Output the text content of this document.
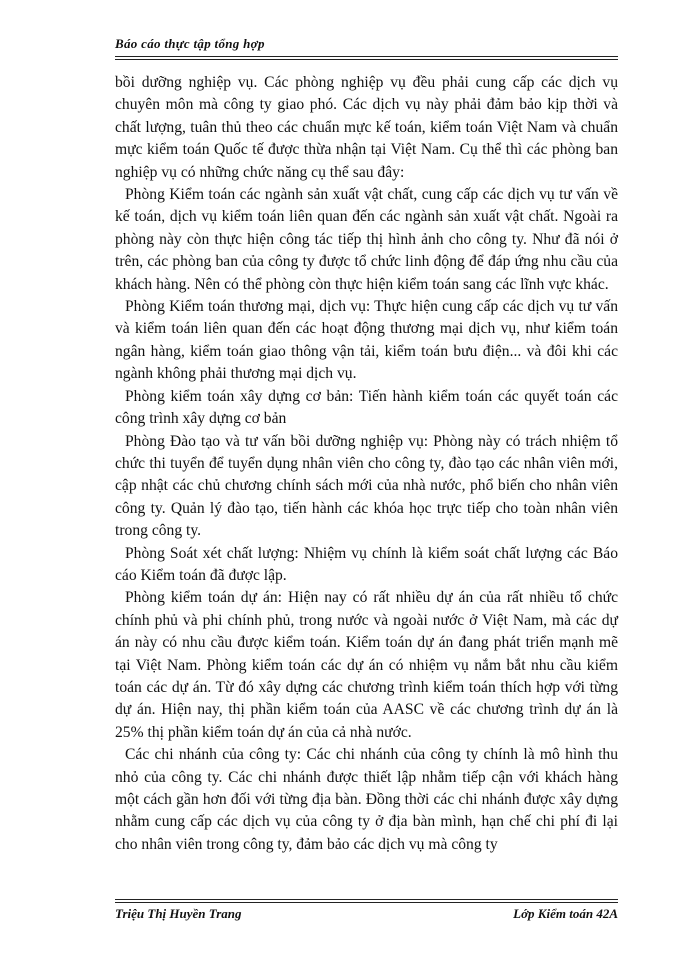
Báo cáo thực tập tổng hợp

bồi dưỡng nghiệp vụ. Các phòng nghiệp vụ đều phải cung cấp các dịch vụ chuyên môn mà công ty giao phó. Các dịch vụ này phải đảm bảo kịp thời và chất lượng, tuân thủ theo các chuẩn mực kế toán, kiểm toán Việt Nam và chuẩn mực kiểm toán Quốc tế được thừa nhận tại Việt Nam. Cụ thể thì các phòng ban nghiệp vụ có những chức năng cụ thể sau đây:

Phòng Kiểm toán các ngành sản xuất vật chất, cung cấp các dịch vụ tư vấn về kế toán, dịch vụ kiểm toán liên quan đến các ngành sản xuất vật chất. Ngoài ra phòng này còn thực hiện công tác tiếp thị hình ảnh cho công ty. Như đã nói ở trên, các phòng ban của công ty được tổ chức linh động để đáp ứng nhu cầu của khách hàng. Nên có thể phòng còn thực hiện kiểm toán sang các lĩnh vực khác.

Phòng Kiểm toán thương mại, dịch vụ: Thực hiện cung cấp các dịch vụ tư vấn và kiểm toán liên quan đến các hoạt động thương mại dịch vụ, như kiểm toán ngân hàng, kiểm toán giao thông vận tải, kiểm toán bưu điện... và đôi khi các ngành không phải thương mại dịch vụ.

Phòng kiểm toán xây dựng cơ bản: Tiến hành kiểm toán các quyết toán các công trình xây dựng cơ bản

Phòng Đào tạo và tư vấn bồi dưỡng nghiệp vụ: Phòng này có trách nhiệm tổ chức thi tuyển để tuyển dụng nhân viên cho công ty, đào tạo các nhân viên mới, cập nhật các chủ chương chính sách mới của nhà nước, phổ biến cho nhân viên công ty. Quản lý đào tạo, tiến hành các khóa học trực tiếp cho toàn nhân viên trong công ty.

Phòng Soát xét chất lượng: Nhiệm vụ chính là kiểm soát chất lượng các Báo cáo Kiểm toán đã được lập.

Phòng kiểm toán dự án: Hiện nay có rất nhiều dự án của rất nhiều tổ chức chính phủ và phi chính phủ, trong nước và ngoài nước ở Việt Nam, mà các dự án này có nhu cầu được kiểm toán. Kiểm toán dự án đang phát triển mạnh mẽ tại Việt Nam. Phòng kiểm toán các dự án có nhiệm vụ nắm bắt nhu cầu kiểm toán các dự án. Từ đó xây dựng các chương trình kiểm toán thích hợp với từng dự án. Hiện nay, thị phần kiểm toán của AASC về các chương trình dự án là 25% thị phần kiểm toán dự án của cả nhà nước.

Các chi nhánh của công ty: Các chi nhánh của công ty chính là mô hình thu nhỏ của công ty. Các chi nhánh được thiết lập nhằm tiếp cận với khách hàng một cách gần hơn đối với từng địa bàn. Đồng thời các chi nhánh được xây dựng nhằm cung cấp các dịch vụ của công ty ở địa bàn mình, hạn chế chi phí đi lại cho nhân viên trong công ty, đảm bảo các dịch vụ mà công ty

Triệu Thị Huyền Trang	Lớp Kiểm toán 42A
